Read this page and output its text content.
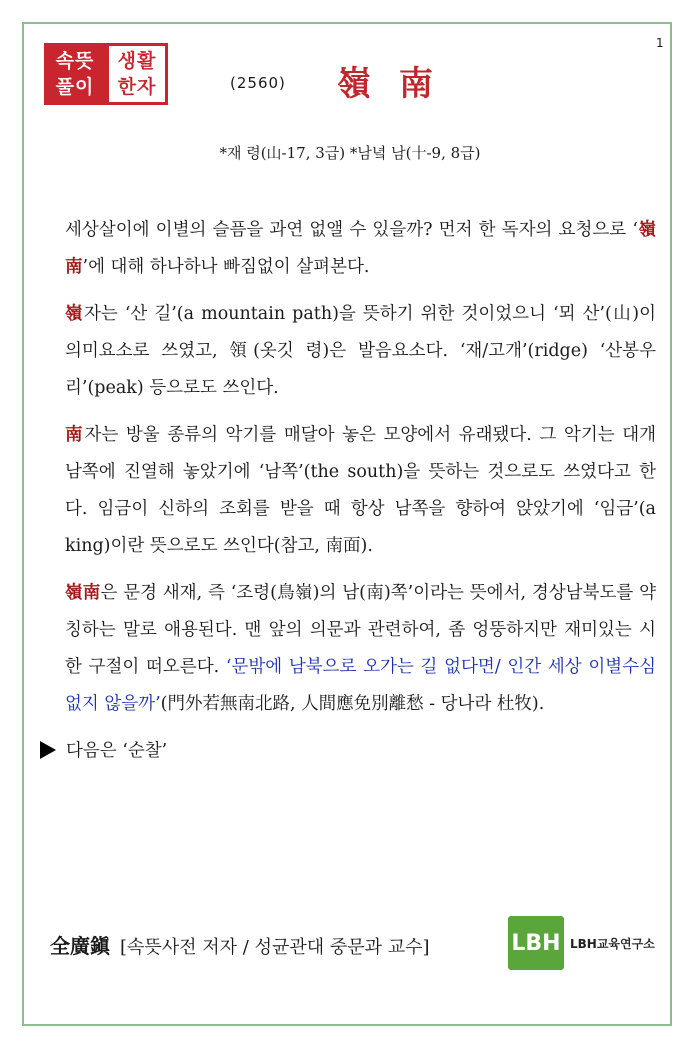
1
속뜻
풀이
생활
한자	(2560) 嶺 南
*재 령(山-17, 3급) *남녘 남(十-9, 8급)

세상살이에 이별의 슬픔을 과연 없앨 수 있을까? 먼저 한 독자의 요청으로 ‘嶺南’에 대해 하나하나 빠짐없이 살펴본다.

嶺자는 ‘산 길’(a mountain path)을 뜻하기 위한 것이었으니 ‘뫼 산’(山)이 의미요소로 쓰였고, 領(옷깃 령)은 발음요소다. ‘재/고개’(ridge) ‘산봉우리’(peak) 등으로도 쓰인다.

南자는 방울 종류의 악기를 매달아 놓은 모양에서 유래됐다. 그 악기는 대개 남쪽에 진열해 놓았기에 ‘남쪽’(the south)을 뜻하는 것으로도 쓰였다고 한다. 임금이 신하의 조회를 받을 때 항상 남쪽을 향하여 앉았기에 ‘임금’(a king)이란 뜻으로도 쓰인다(참고, 南面).

嶺南은 문경 새재, 즉 ‘조령(鳥嶺)의 남(南)쪽’이라는 뜻에서, 경상남북도를 약칭하는 말로 애용된다. 맨 앞의 의문과 관련하여, 좀 엉뚱하지만 재미있는 시 한 구절이 떠오른다. ‘문밖에 남북으로 오가는 길 없다면/ 인간 세상 이별수심 없지 않을까’(門外若無南北路, 人間應免別離愁 - 당나라 杜牧).

다음은 ‘순찰’
全廣鎭 [속뜻사전 저자 / 성균관대 중문과 교수]	LBH LBH교육연구소
